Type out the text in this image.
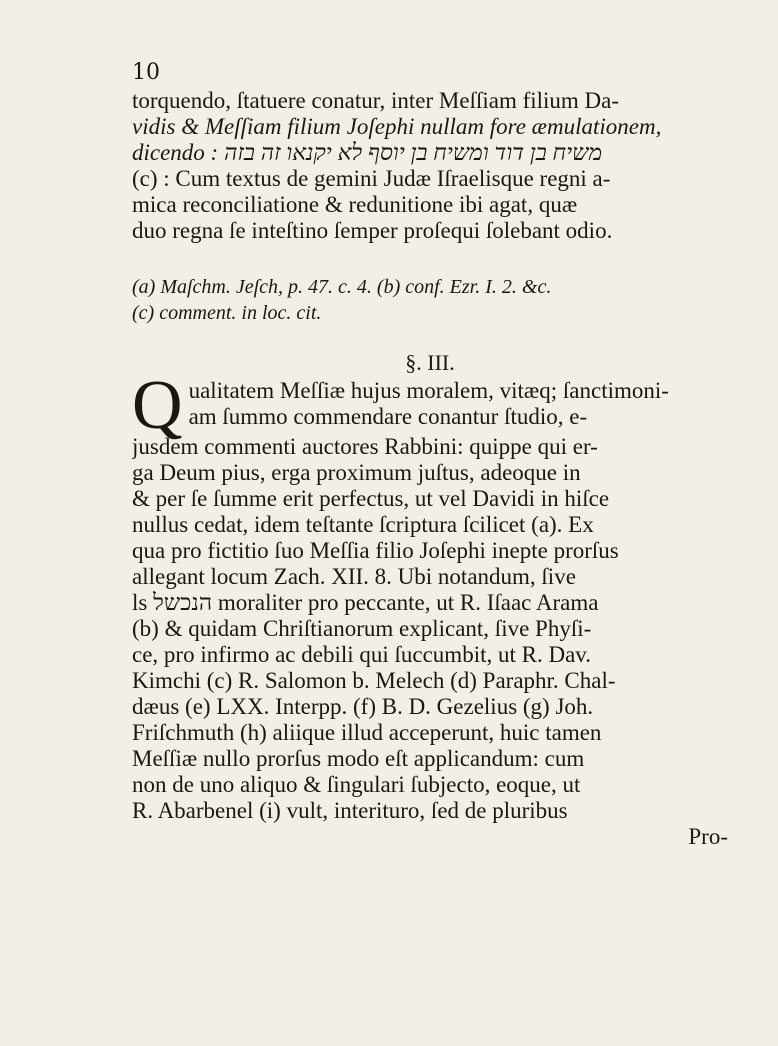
10
torquendo, ſtatuere conatur, inter Meſſiam filium Da-
vidis & Meſſiam filium Joſephi nullam fore æmulationem,
dicendo : משיח בן דוד ומשיח בן יוסף לא יקנאו זה בזה
(c) : Cum textus de gemini Judæ Iſraelisque regni a-
mica reconciliatione & redunitione ibi agat, quæ
duo regna ſe inteſtino ſemper proſequi ſolebant odio.
(a) Maſchm. Jeſch, p. 47. c. 4. (b) conf. Ezr. I. 2. &c.
(c) comment. in loc. cit.
§. III.
Q ualitatem Meſſiæ hujus moralem, vitæq; ſanctimoni-
am ſummo commendare conantur ſtudio, e-
jusdem commenti auctores Rabbini: quippe qui er-
ga Deum pius, erga proximum juſtus, adeoque in
& per ſe ſumme erit perfectus, ut vel Davidi in hiſce
nullus cedat, idem teſtante ſcriptura ſcilicet (a). Ex
qua pro fictitio ſuo Meſſia filio Joſephi inepte prorſus
allegant locum Zach. XII. 8. Ubi notandum, ſive
ls הנכשל moraliter pro peccante, ut R. Iſaac Arama
(b) & quidam Chriſtianorum explicant, ſive Phyſi-
ce, pro infirmo ac debili qui ſuccumbit, ut R. Dav.
Kimchi (c) R. Salomon b. Melech (d) Paraphr. Chal-
dæus (e) LXX. Interpp. (f) B. D. Gezelius (g) Joh.
Friſchmuth (h) aliique illud acceperunt, huic tamen
Meſſiæ nullo prorſus modo eſt applicandum: cum
non de uno aliquo & ſingulari ſubjecto, eoque, ut
R. Abarbenel (i) vult, interituro, ſed de pluribus
Pro-
